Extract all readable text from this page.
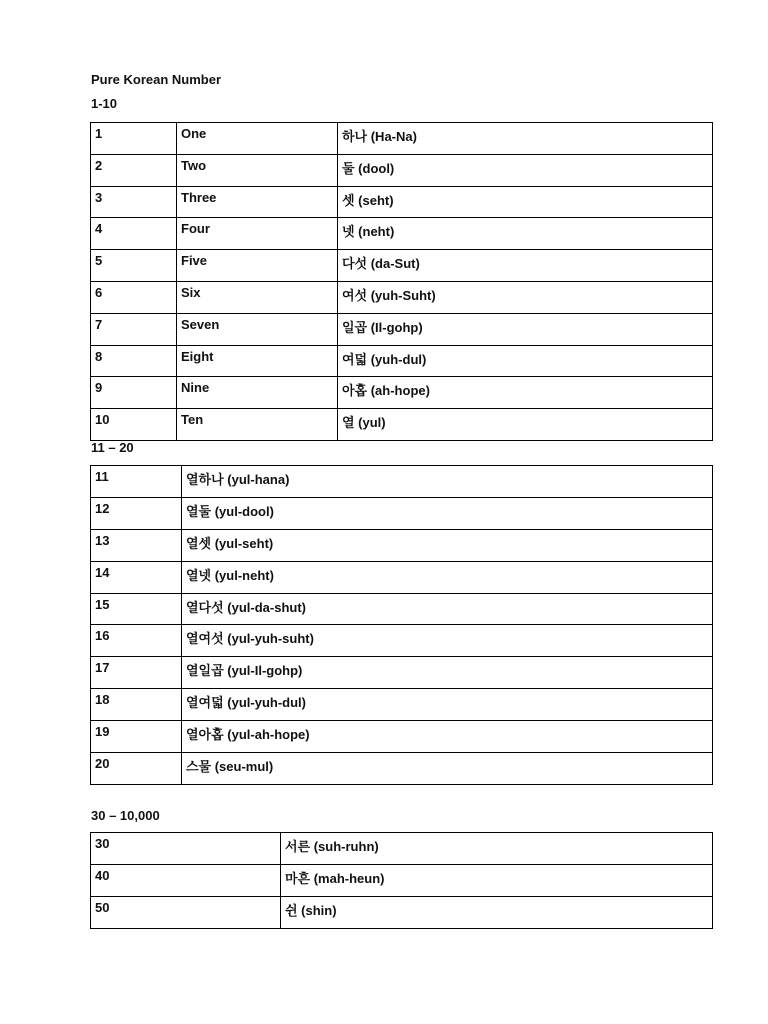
Pure Korean Number
1-10
1	One	하나 (Ha-Na)
2	Two	둘 (dool)
3	Three	셋 (seht)
4	Four	넷 (neht)
5	Five	다섯 (da-Sut)
6	Six	여섯 (yuh-Suht)
7	Seven	일곱 (Il-gohp)
8	Eight	여덟 (yuh-dul)
9	Nine	아홉 (ah-hope)
10	Ten	열 (yul)
11 – 20
11	열하나 (yul-hana)
12	열둘 (yul-dool)
13	열셋 (yul-seht)
14	열넷 (yul-neht)
15	열다섯 (yul-da-shut)
16	열여섯 (yul-yuh-suht)
17	열일곱 (yul-Il-gohp)
18	열여덟 (yul-yuh-dul)
19	열아홉 (yul-ah-hope)
20	스물 (seu-mul)
30 – 10,000
30	서른 (suh-ruhn)
40	마흔 (mah-heun)
50	쉰 (shin)
